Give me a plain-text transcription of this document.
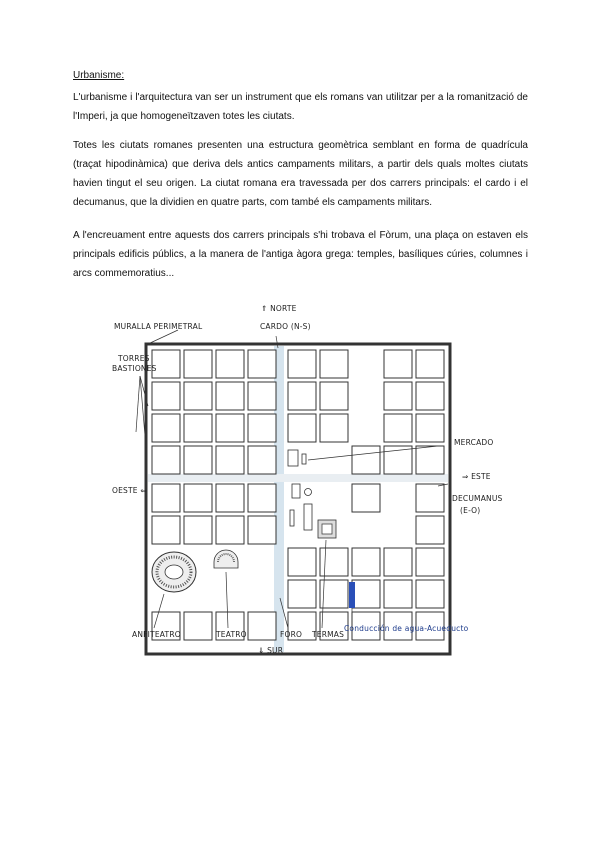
Urbanisme:
L'urbanisme i l'arquitectura van ser un instrument que els romans van utilitzar per a la romanització de l'Imperi, ja que homogeneïtzaven totes les ciutats.
Totes les ciutats romanes presenten una estructura geomètrica semblant en forma de quadrícula (traçat hipodinàmica) que deriva dels antics campaments militars, a partir dels quals moltes ciutats havien tingut el seu origen. La ciutat romana era travessada per dos carrers principals: el cardo i el decumanus, que la dividien en quatre parts, com també els campaments militars.
A l'encreuament entre aquests dos carrers principals s'hi trobava el Fòrum, una plaça on estaven els principals edificis públics, a la manera de l'antiga àgora grega: temples, basíliques cúries, columnes i arcs commemoratius...
⇑ NORTE
CARDO (N-S)
MURALLA PERIMETRAL
TORRES
BASTIONES
MERCADO
⇒ ESTE
OESTE ⇐
DECUMANUS
(E-O)
ANFITEATRO	TEATRO	FORO TERMAS
Conducción de agua-Acueducto
⇓ SUR
